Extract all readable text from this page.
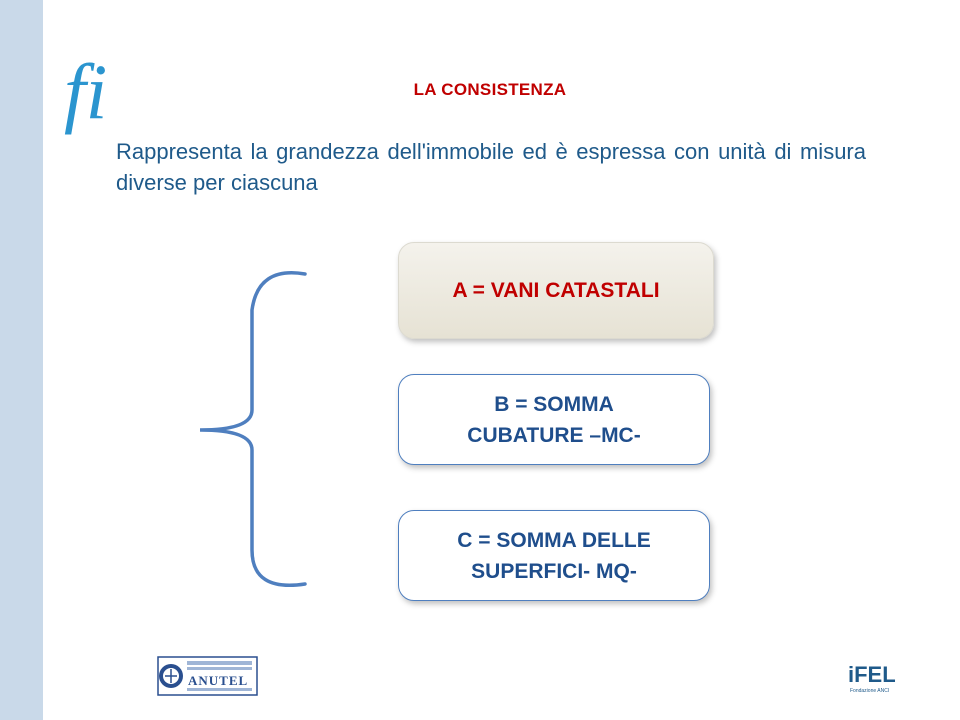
fi	LA CONSISTENZA

Rappresenta la grandezza dell'immobile ed è espressa con unità di misura diverse per ciascuna

A = VANI CATASTALI
B = SOMMA
CUBATURE –MC-
C = SOMMA DELLE
SUPERFICI- MQ-
ANUTEL	iFEL
Fondazione ANCI
